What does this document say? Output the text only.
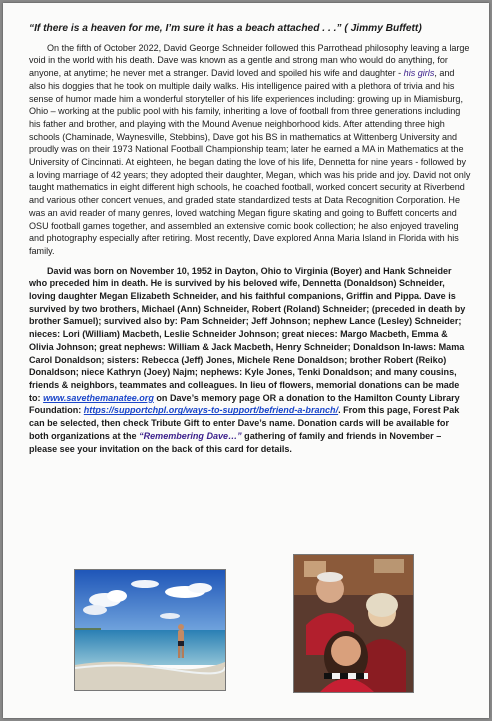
“If there is a heaven for me, I’m sure it has a beach attached . . .” ( Jimmy Buffett)

On the fifth of October 2022, David George Schneider followed this Parrothead philosophy leaving a large void in the world with his death. Dave was known as a gentle and strong man who would do anything, for anyone, at anytime; he never met a stranger. David loved and spoiled his wife and daughter - his girls, and also his doggies that he took on multiple daily walks. His intelligence paired with a plethora of trivia and his sense of humor made him a wonderful storyteller of his life experiences including: growing up in Miamisburg, Ohio – working at the public pool with his family, inheriting a love of football from three generations including his father and brother, and playing with the Mound Avenue neighborhood kids. After attending three high schools (Chaminade, Waynesville, Stebbins), Dave got his BS in mathematics at Wittenberg University and proudly was on their 1973 National Football Championship team; later he earned a MA in Mathematics at the University of Cincinnati. At eighteen, he began dating the love of his life, Dennetta for nine years - followed by a loving marriage of 42 years; they adopted their daughter, Megan, which was his pride and joy. David not only taught mathematics in eight different high schools, he coached football, worked concert security at Riverbend and various other concert venues, and graded state standardized tests at Data Recognition Corporation. He was an avid reader of many genres, loved watching Megan figure skating and going to Buffett concerts and OSU football games together, and assembled an extensive comic book collection; he also enjoyed traveling and photography especially after retiring. Most recently, Dave explored Anna Maria Island in Florida with his family.

David was born on November 10, 1952 in Dayton, Ohio to Virginia (Boyer) and Hank Schneider who preceded him in death. He is survived by his beloved wife, Dennetta (Donaldson) Schneider, loving daughter Megan Elizabeth Schneider, and his faithful companions, Griffin and Pippa. Dave is survived by two brothers, Michael (Ann) Schneider, Robert (Roland) Schneider; (preceded in death by brother Samuel); survived also by: Pam Schneider; Jeff Johnson; nephew Lance (Lesley) Schneider; nieces: Lori (William) Macbeth, Leslie Schneider Johnson; great nieces: Margo Macbeth, Emma & Olivia Johnson; great nephews: William & Jack Macbeth, Henry Schneider; Donaldson In-laws: Mama Carol Donaldson; sisters: Rebecca (Jeff) Jones, Michele Rene Donaldson; brother Robert (Reiko) Donaldson; niece Kathryn (Joey) Najm; nephews: Kyle Jones, Tenki Donaldson; and many cousins, friends & neighbors, teammates and colleagues. In lieu of flowers, memorial donations can be made to: www.savethemanatee.org on Dave’s memory page OR a donation to the Hamilton County Library Foundation: https://supportchpl.org/ways-to-support/befriend-a-branch/. From this page, Forest Pak can be selected, then check Tribute Gift to enter Dave’s name. Donation cards will be available for both organizations at the “Remembering Dave…” gathering of family and friends in November – please see your invitation on the back of this card for details.
